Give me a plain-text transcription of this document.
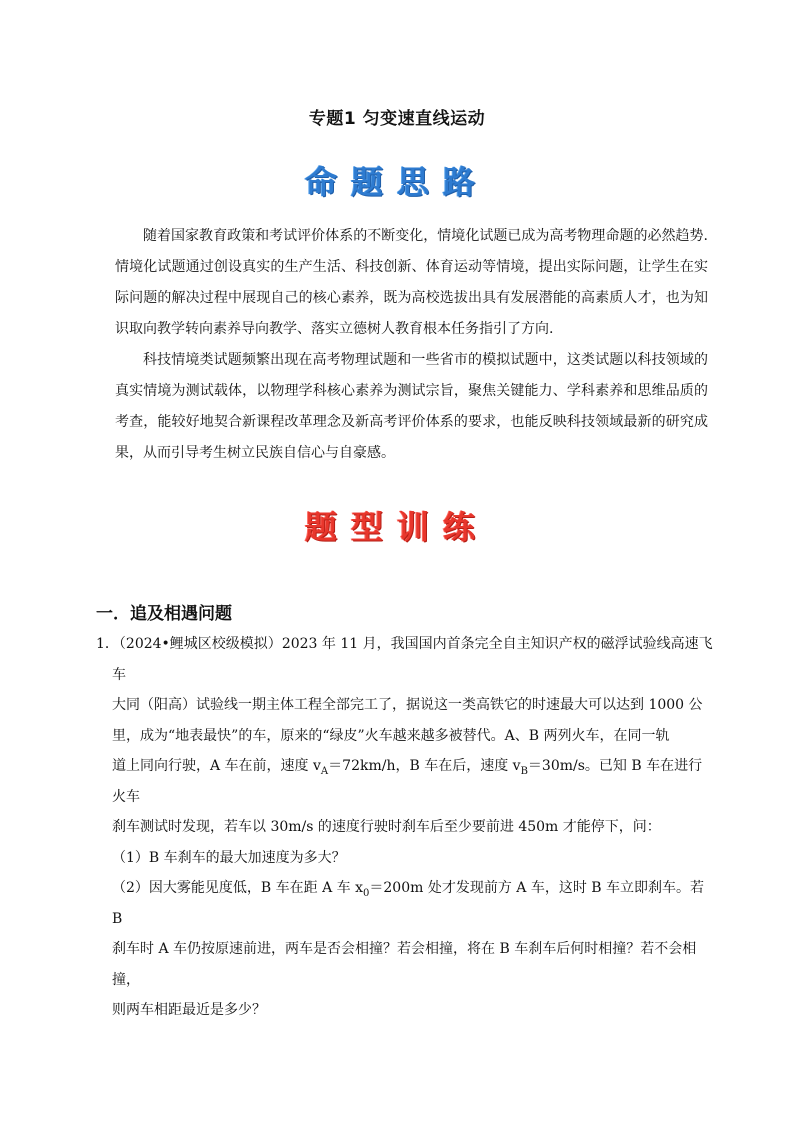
专题1 匀变速直线运动
命题思路
随着国家教育政策和考试评价体系的不断变化，情境化试题已成为高考物理命题的必然趋势.情境化试题通过创设真实的生产生活、科技创新、体育运动等情境，提出实际问题，让学生在实际问题的解决过程中展现自己的核心素养，既为高校选拔出具有发展潜能的高素质人才，也为知识取向教学转向素养导向教学、落实立德树人教育根本任务指引了方向.
科技情境类试题频繁出现在高考物理试题和一些省市的模拟试题中，这类试题以科技领域的真实情境为测试载体，以物理学科核心素养为测试宗旨，聚焦关键能力、学科素养和思维品质的考查，能较好地契合新课程改革理念及新高考评价体系的要求，也能反映科技领域最新的研究成果，从而引导考生树立民族自信心与自豪感。
题型训练
一．追及相遇问题
1．（2024•鲤城区校级模拟）2023 年 11 月，我国国内首条完全自主知识产权的磁浮试验线高速飞车
大同（阳高）试验线一期主体工程全部完工了，据说这一类高铁它的时速最大可以达到 1000 公
里，成为“地表最快”的车，原来的“绿皮”火车越来越多被替代。A、B 两列火车，在同一轨
道上同向行驶，A 车在前，速度 $v_A=72km/h$，B 车在后，速度 $v_B=30m/s$。已知 B 车在进行火车
刹车测试时发现，若车以 30m/s 的速度行驶时刹车后至少要前进 450m 才能停下，问：
（1）B 车刹车的最大加速度为多大？
（2）因大雾能见度低，B 车在距 A 车 $x_0=200m$ 处才发现前方 A 车，这时 B 车立即刹车。若 B
刹车时 A 车仍按原速前进，两车是否会相撞？若会相撞，将在 B 车刹车后何时相撞？若不会相撞，
则两车相距最近是多少？
